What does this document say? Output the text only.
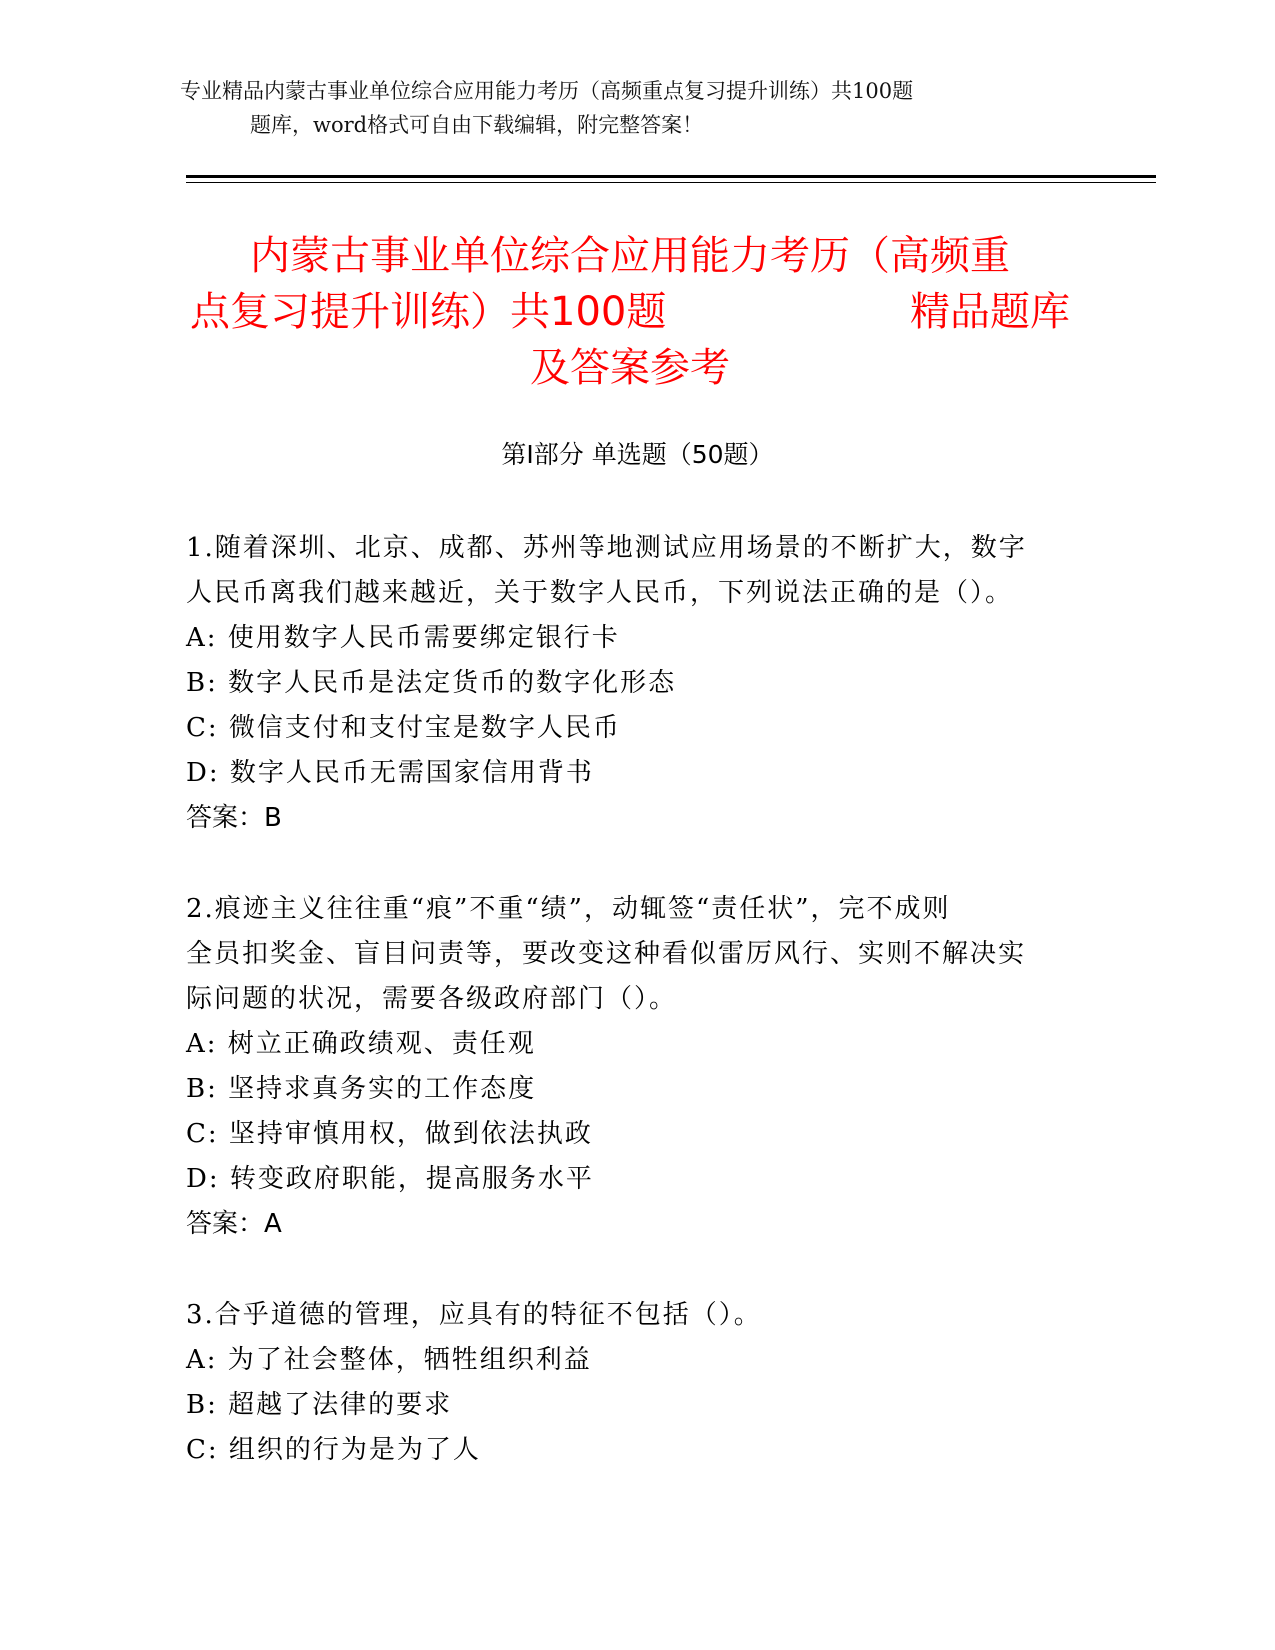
专业精品内蒙古事业单位综合应用能力考历（高频重点复习提升训练）共100题
题库，word格式可自由下载编辑，附完整答案！
内蒙古事业单位综合应用能力考历（高频重
点复习提升训练）共100题	精品题库
及答案参考
第Ⅰ部分 单选题（50题）
1.随着深圳、北京、成都、苏州等地测试应用场景的不断扩大，数字
人民币离我们越来越近，关于数字人民币，下列说法正确的是（）。
A: 使用数字人民币需要绑定银行卡
B: 数字人民币是法定货币的数字化形态
C: 微信支付和支付宝是数字人民币
D: 数字人民币无需国家信用背书
答案：B
2.痕迹主义往往重“痕”不重“绩”，动辄签“责任状”，完不成则
全员扣奖金、盲目问责等，要改变这种看似雷厉风行、实则不解决实
际问题的状况，需要各级政府部门（）。
A: 树立正确政绩观、责任观
B: 坚持求真务实的工作态度
C: 坚持审慎用权，做到依法执政
D: 转变政府职能，提高服务水平
答案：A
3.合乎道德的管理，应具有的特征不包括（）。
A: 为了社会整体，牺牲组织利益
B: 超越了法律的要求
C: 组织的行为是为了人
